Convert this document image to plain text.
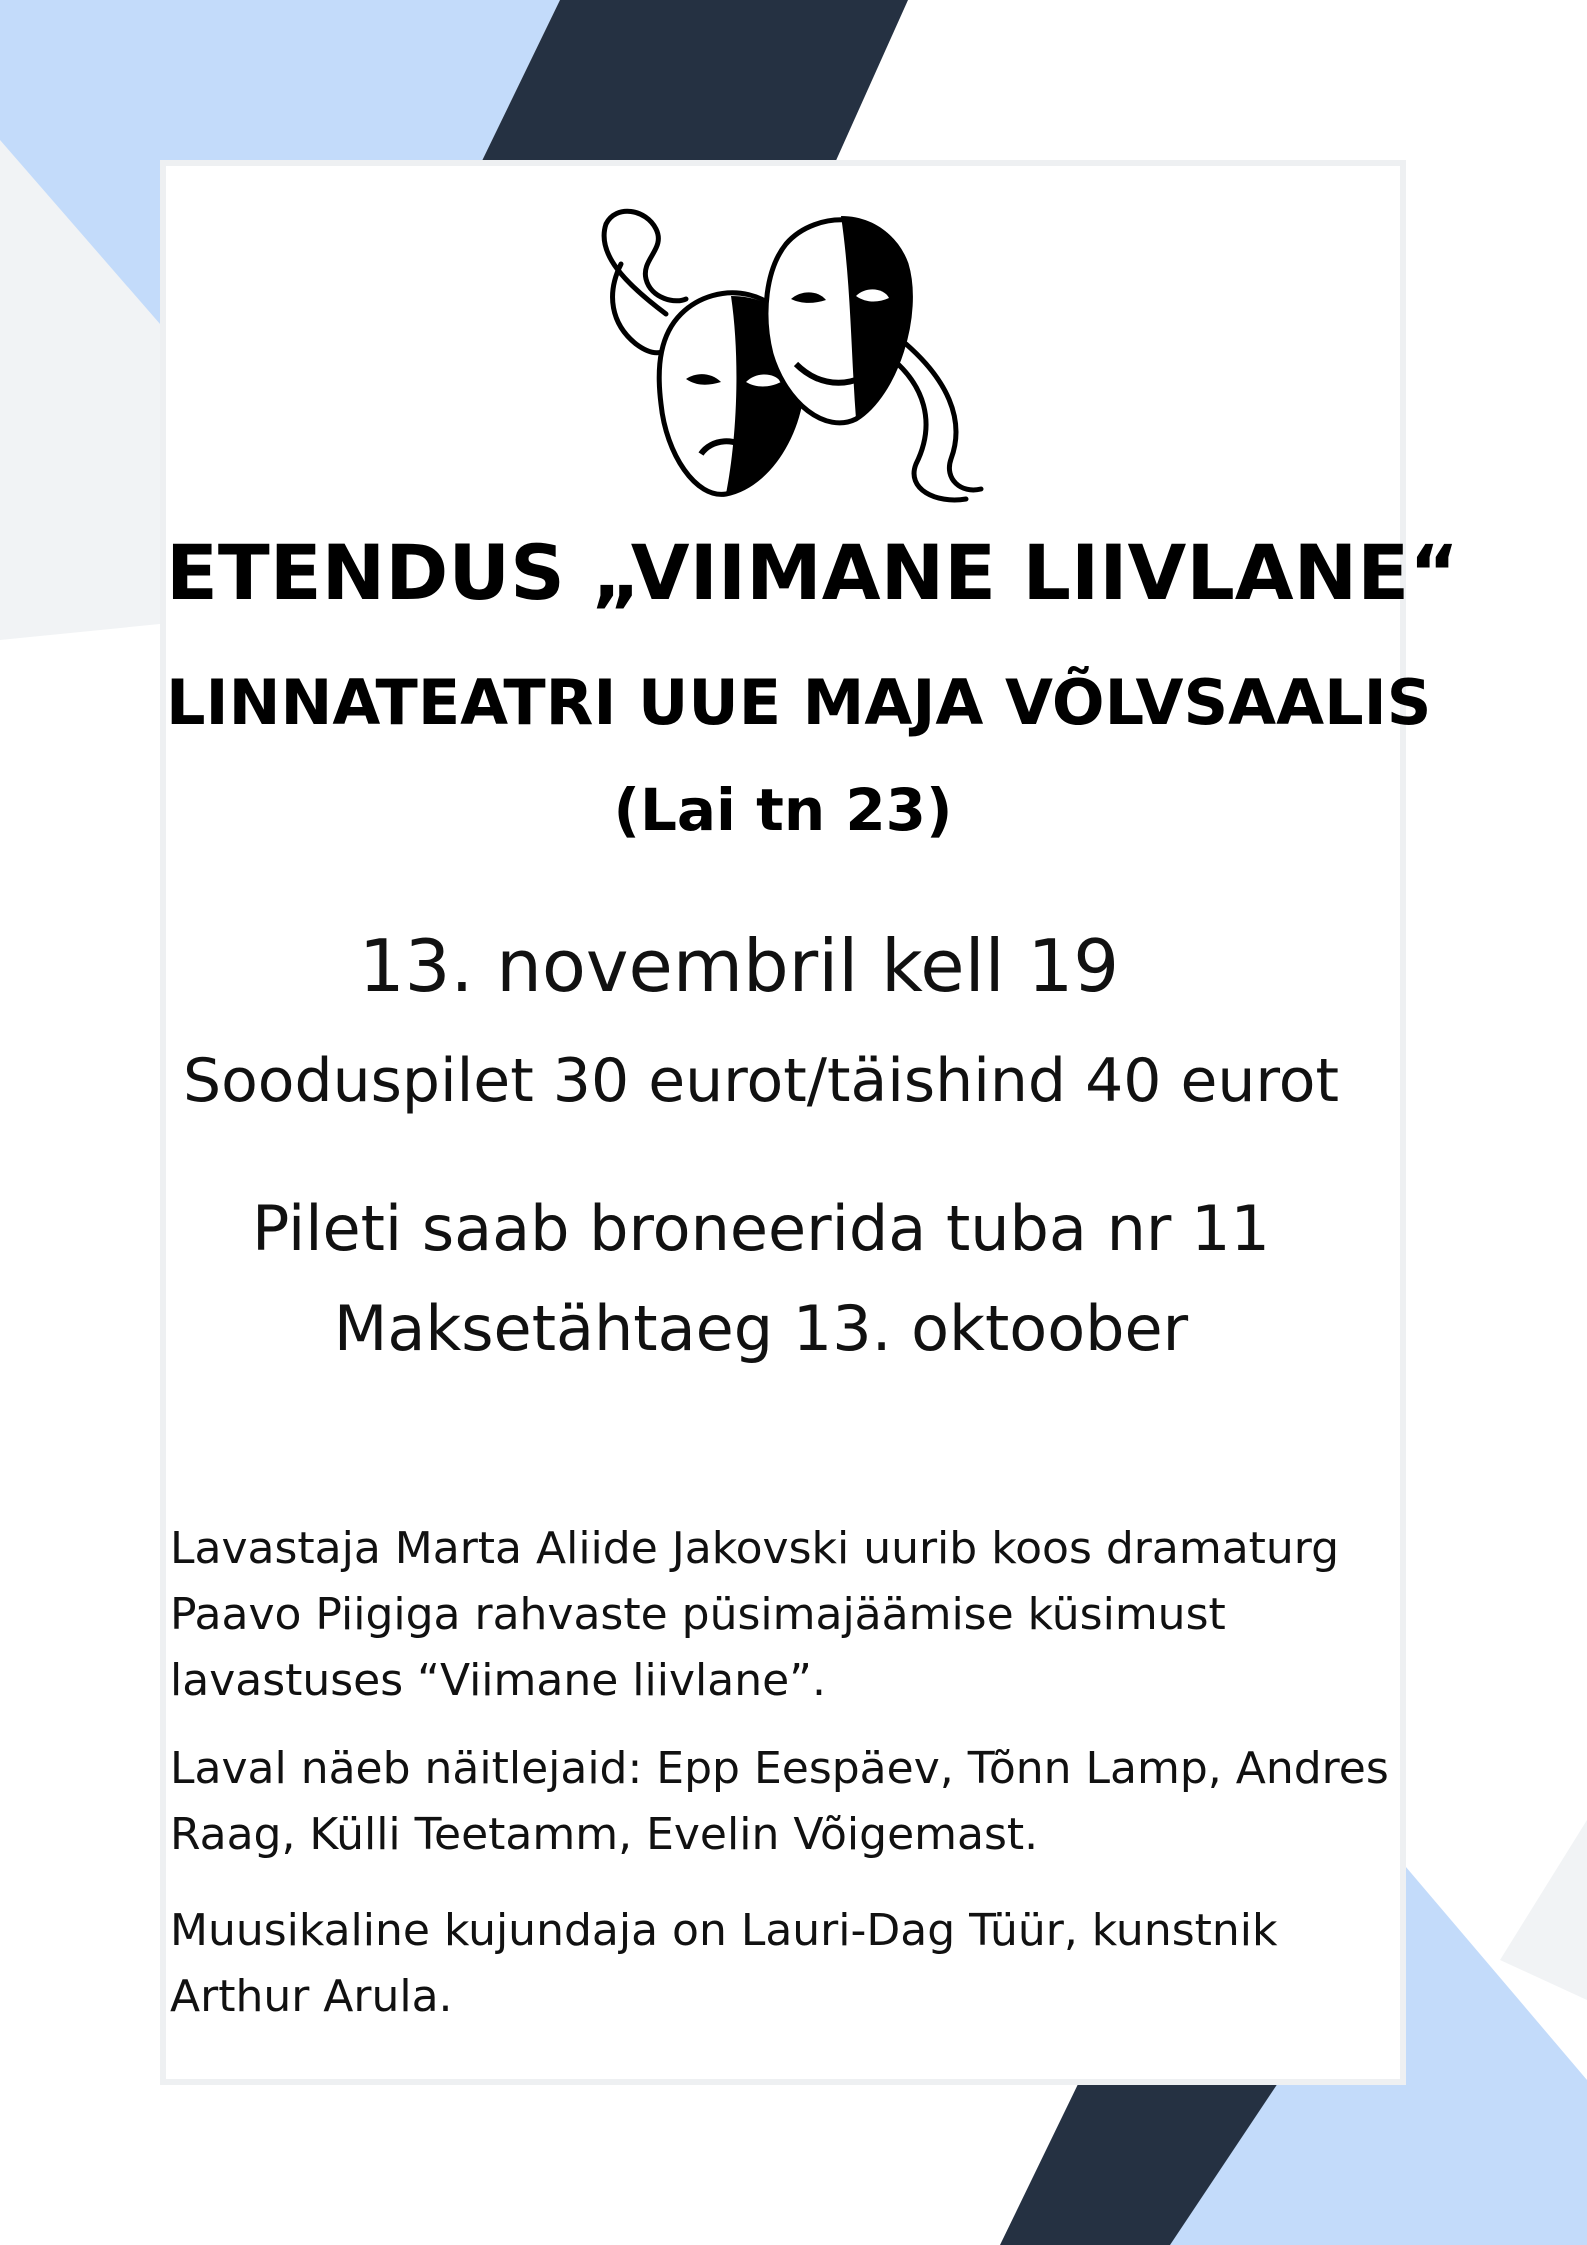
ETENDUS „VIIMANE LIIVLANE“

LINNATEATRI UUE MAJA VÕLVSAALIS

(Lai tn 23)

13. novembril kell 19

Sooduspilet 30 eurot/täishind 40 eurot

Pileti saab broneerida tuba nr 11

Maksetähtaeg 13. oktoober

Lavastaja Marta Aliide Jakovski uurib koos dramaturg Paavo Piigiga rahvaste püsimajäämise küsimust lavastuses “Viimane liivlane”.

Laval näeb näitlejaid: Epp Eespäev, Tõnn Lamp, Andres Raag, Külli Teetamm, Evelin Võigemast.

Muusikaline kujundaja on Lauri-Dag Tüür, kunstnik Arthur Arula.
